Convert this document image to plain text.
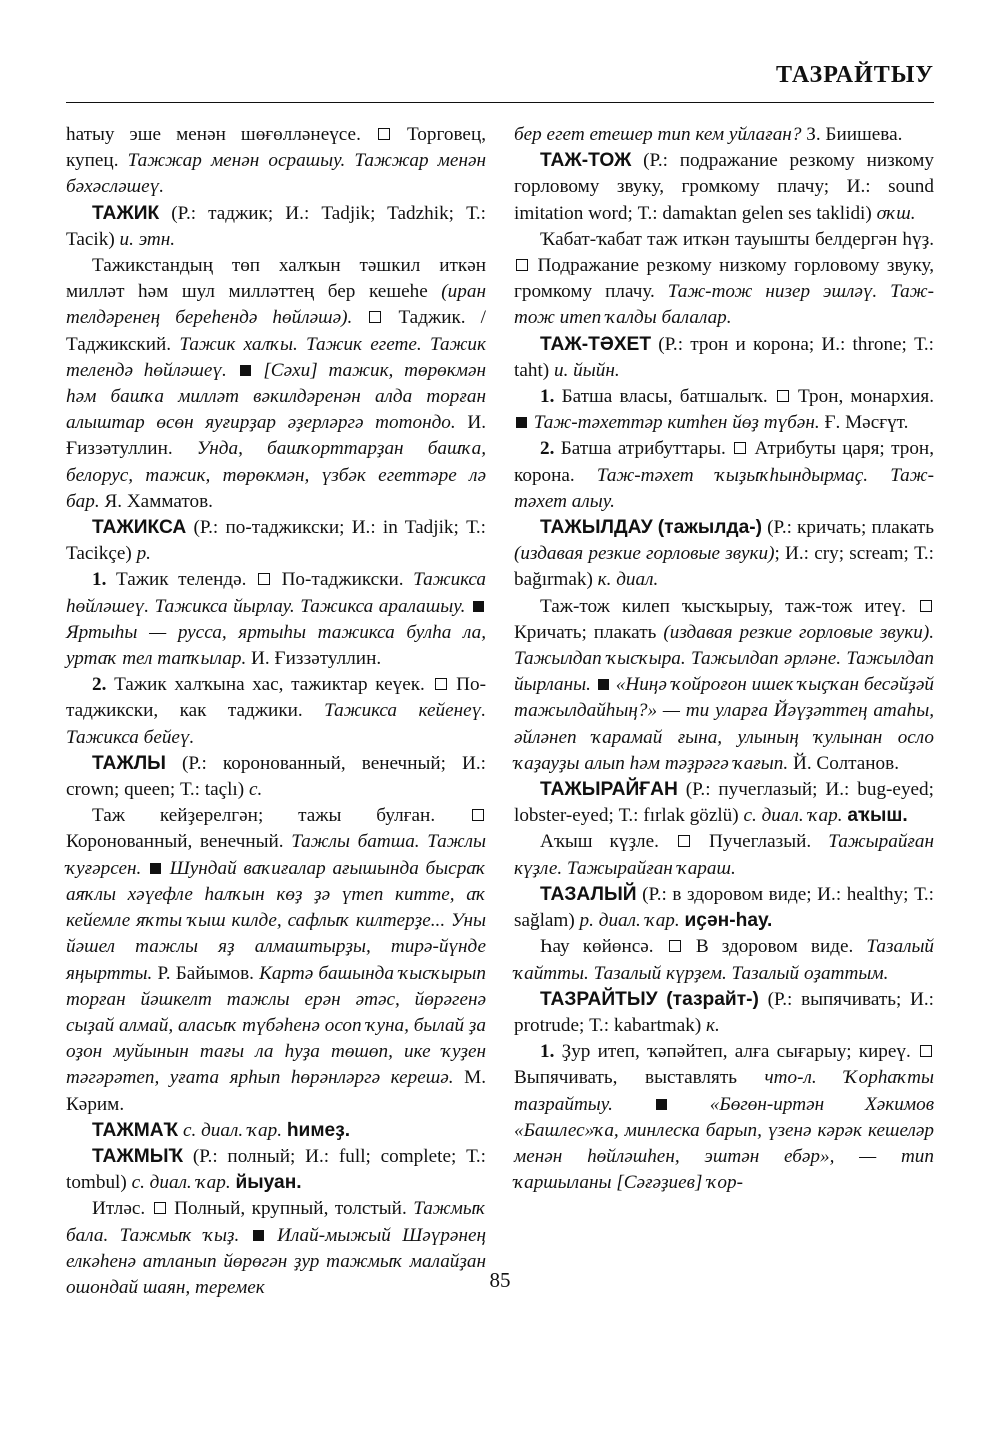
ТАЗРАЙТЫУ

һатыу эше менән шөғөлләнеүсе. Торговец, купец. Тажжар менән осрашыу. Тажжар менән бәхәсләшеү.

ТАЖИК (Р.: таджик; И.: Tadjik; Tadzhik; Т.: Tacik) и. этн.

Тажикстандың төп халҡын тәшкил иткән милләт һәм шул милләттең бер кешеһе (иран телдәренең береһендә һөйләшә). Таджик. / Таджикский. Тажик халҡы. Тажик егете. Тажик телендә һөйләшеү. [Сәхи] тажик, төрөкмән һәм башҡа милләт вәкилдәренән алда торған алыштар өсөн яуғирҙар әҙерләргә тотондо. И. Ғиззәтуллин. Унда, башҡорттарҙан башҡа, белорус, тажик, төрөкмән, үзбәк егеттәре лә бар. Я. Хамматов.

ТАЖИКСА (Р.: по-таджикски; И.: in Tadjik; Т.: Tacikçe) р.

1. Тажик телендә. По-таджикски. Тажикса һөйләшеү. Тажикса йырлау. Тажикса аралашыу.  Яртыһы — русса, яртыһы тажикса булһа ла, уртаҡ тел тапҡылар. И. Ғиззәтуллин.

2. Тажик халҡына хас, тажиктар кеүек. По-таджикски, как таджики. Тажикса кейенеү. Тажикса бейеү.

ТАЖЛЫ (Р.: коронованный, венечный; И.: crown; queen; Т.: taçlı) с.

Таж кейҙерелгән; тажы булған.  Коронованный, венечный. Тажлы батша. Тажлы ҡуғәрсен. Шундай ваҡиғалар ағышында бысраҡ аяҡлы хәүефле һалҡын көҙ ҙә үтеп китте, аҡ кейемле яҡты ҡыш килде, сафлыҡ килтерҙе... Уны йәшел тажлы яҙ алмаштырҙы, тирә-йүнде яңыртты. Р. Байымов. Картә башында ҡысҡырып торған йәшкелт тажлы ерән әтәс, йөрәгенә сыҙай алмай, аласыҡ түбәһенә осоп ҡуна, былай ҙа оҙон муйынын тағы ла һуҙа төшөп, ике ҡуҙен тәгәрәтеп, уғата ярһып һөрәнләргә керешә. М. Кәрим.

ТАЖМАҠ с. диал. ҡар. һимеҙ.

ТАЖМЫҠ (Р.: полный; И.: full; complete; Т.: tombul) с. диал. ҡар. йыуан.

Итләс. Полный, крупный, толстый. Тажмыҡ бала. Тажмыҡ ҡыҙ. Илай-мыжый Шәүрәнең елкәһенә атланып йөрөгән ҙур тажмыҡ малайҙан ошондай шаян, теремек

бер егет етешер тип кем уйлаған? З. Биишева.

ТАЖ-ТОЖ (Р.: подражание резкому низкому горловому звуку, громкому плачу; И.: sound imitation word; Т.: damaktan gelen ses taklidi) оҡш.

Ҡабат-ҡабат таж иткән тауышты белдергән һүҙ.  Подражание резкому низкому горловому звуку, громкому плачу. Таж-тож низер эшләү. Таж-тож итеп ҡалды балалар.

ТАЖ-ТӘХЕТ (Р.: трон и корона; И.: throne; Т.: taht) и. йыйн.

1. Батша власы, батшалыҡ. Трон, монархия.  Таж-тәхеттәр китһен йөҙ түбән. Ғ. Мәсғүт.

2. Батша атрибуттары. Атрибуты царя; трон, корона. Таж-тәхет ҡыҙыҡһындырмаҫ. Таж-тәхет алыу.

ТАЖЫЛДАУ (тажылда-) (Р.: кричать; плакать (издавая резкие горловые звуки); И.: cry; scream; Т.: bağırmak) к. диал.

Таж-тож килеп ҡысҡырыу, таж-тож итеү.  Кричать; плакать (издавая резкие горловые звуки). Тажылдап ҡысҡыра. Тажылдап әрләне. Тажылдап йырланы. «Ниңә ҡойроғон ишек ҡыҫҡан бесәйҙәй тажылдайһың?» — ти уларға Йәүҙәттең атаһы, әйләнеп ҡарамай ғына, улының ҡулынан осло ҡаҙауҙы алып һәм тәҙрәгә ҡағып. Й. Солтанов.

ТАЖЫРАЙҒАН (Р.: пучеглазый; И.: bug-eyed; lobster-eyed; Т.: fırlak gözlü) с. диал. ҡар. аҡыш.

Аҡыш күҙле.	Пучеглазый. Тажырайған күҙле. Тажырайған ҡараш.

ТАЗАЛЫЙ (Р.: в здоровом виде; И.: healthy; Т.: sağlam) р. диал. ҡар. иҫән-һау.

Һау көйөнсә. В здоровом виде. Тазалый ҡайтты. Тазалый күрҙем. Тазалый оҙаттым.

ТАЗРАЙТЫУ (тазрайт-) (Р.: выпячивать; И.: protrude; Т.: kabartmak) к.

1. Ҙур итеп, ҡәпәйтеп, алға сығарыу; киреү.  Выпячивать, выставлять что-л. Ҡорһаҡты тазрайтыу.	«Бөгөн-иртән Хәкимов «Башлес»ҡа, минлеска барып, үзенә кәрәк кешеләр менән һөйләшһен, эштән ебәр», — тип ҡаршыланы [Сәғәҙиев] ҡор-

85
